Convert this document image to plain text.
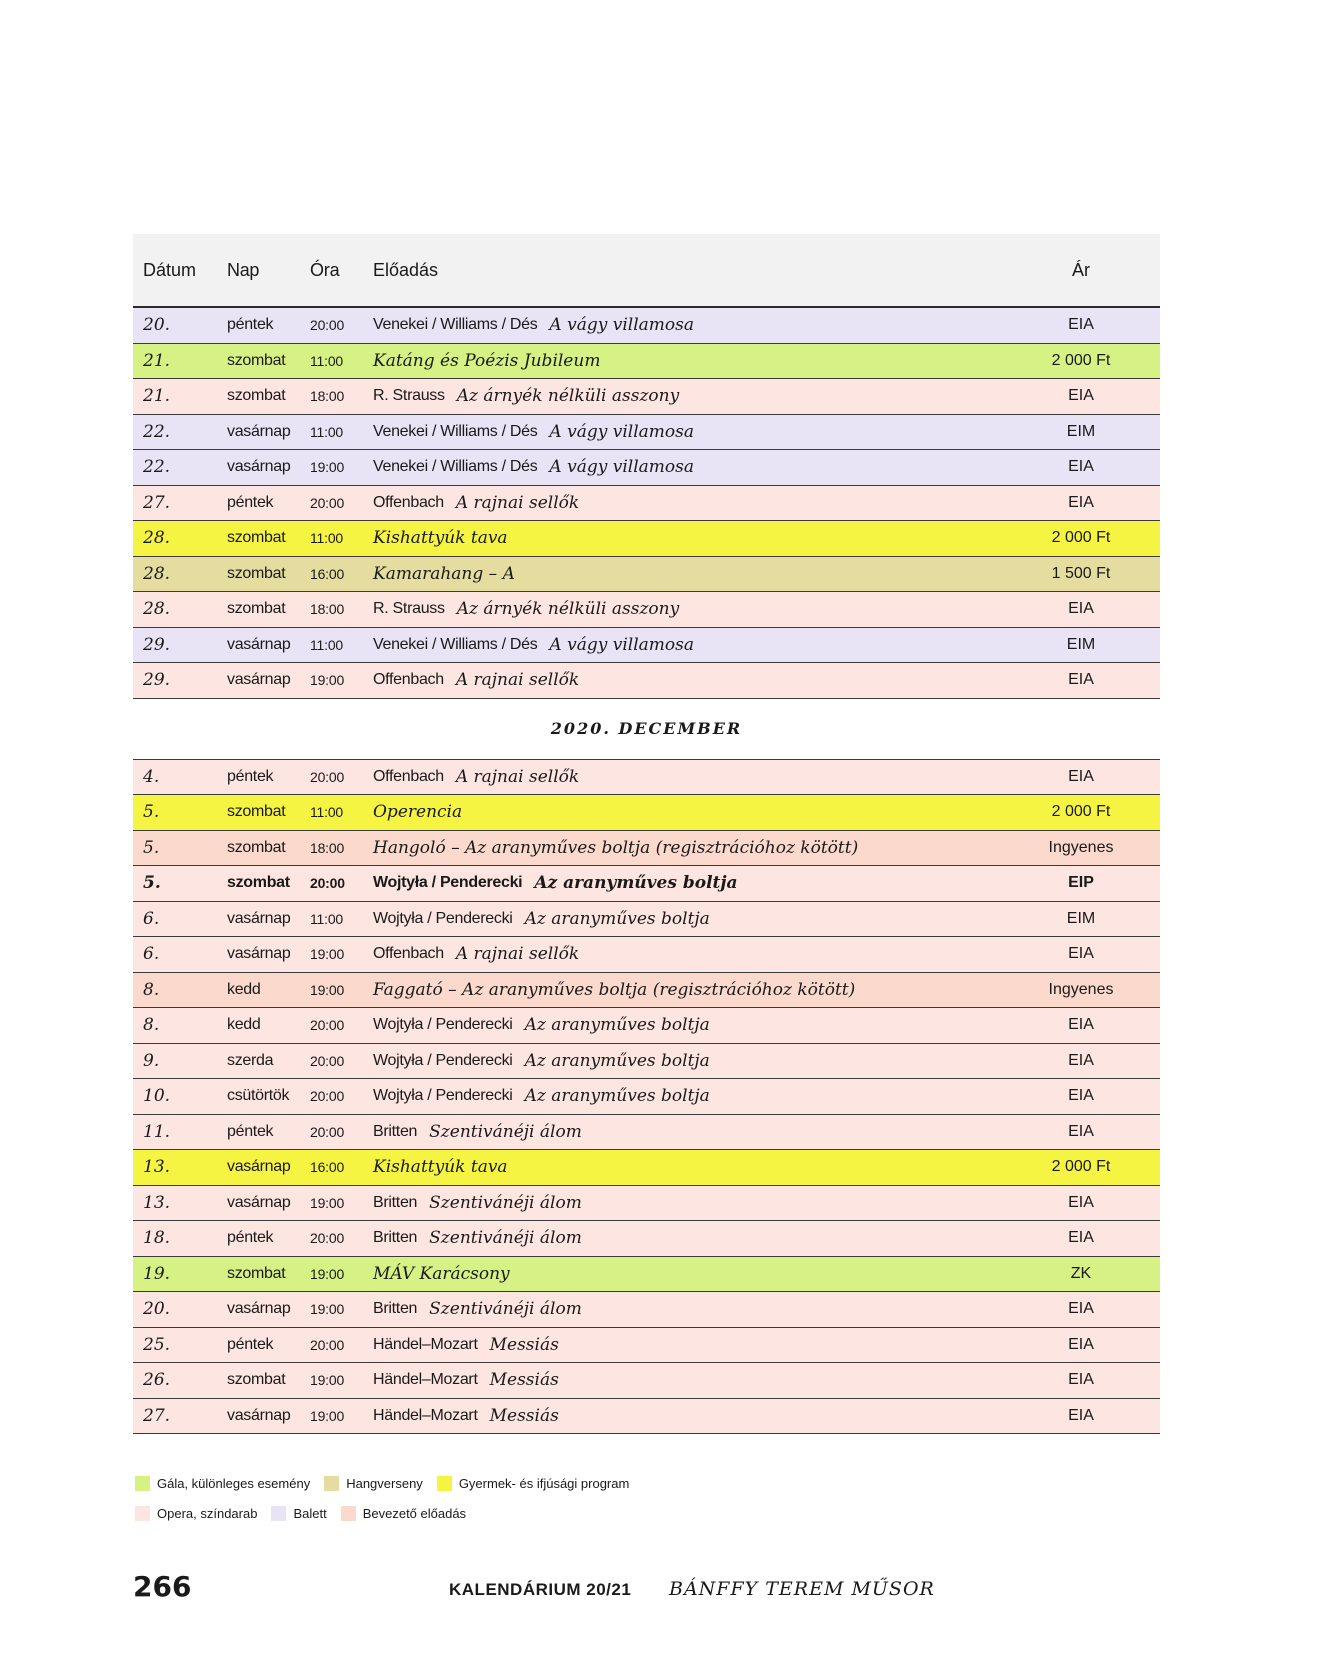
Dátum Nap	Óra Előadás	Ár
20.	péntek	20:00 Venekei / Williams / Dés A vágy villamosa	EIA
21.	szombat 11:00 Katáng és Poézis Jubileum	2 000 Ft
21.	szombat 18:00 R. Strauss Az árnyék nélküli asszony	EIA
22.	vasárnap 11:00 Venekei / Williams / Dés A vágy villamosa	EIM
22.	vasárnap 19:00 Venekei / Williams / Dés A vágy villamosa	EIA
27.	péntek	20:00 Offenbach A rajnai sellők	EIA
28.	szombat 11:00 Kishattyúk tava	2 000 Ft
28.	szombat 16:00 Kamarahang – A	1 500 Ft
28.	szombat 18:00 R. Strauss Az árnyék nélküli asszony	EIA
29.	vasárnap 11:00 Venekei / Williams / Dés A vágy villamosa	EIM
29.	vasárnap 19:00 Offenbach A rajnai sellők	EIA
2020. DECEMBER
4.	péntek	20:00 Offenbach A rajnai sellők	EIA
5.	szombat 11:00 Operencia	2 000 Ft
5.	szombat 18:00 Hangoló – Az aranyműves boltja (regisztrációhoz kötött)	Ingyenes
5.	szombat 20:00 Wojtyła / Penderecki Az aranyműves boltja	EIP
6.	vasárnap 11:00 Wojtyła / Penderecki Az aranyműves boltja	EIM
6.	vasárnap 19:00 Offenbach A rajnai sellők	EIA
8.	kedd	19:00 Faggató – Az aranyműves boltja (regisztrációhoz kötött)	Ingyenes
8.	kedd	20:00 Wojtyła / Penderecki Az aranyműves boltja	EIA
9.	szerda	20:00 Wojtyła / Penderecki Az aranyműves boltja	EIA
10.	csütörtök 20:00 Wojtyła / Penderecki Az aranyműves boltja	EIA
11.	péntek	20:00 Britten Szentivánéji álom	EIA
13.	vasárnap 16:00 Kishattyúk tava	2 000 Ft
13.	vasárnap 19:00 Britten Szentivánéji álom	EIA
18.	péntek	20:00 Britten Szentivánéji álom	EIA
19.	szombat 19:00 MÁV Karácsony	ZK
20.	vasárnap 19:00 Britten Szentivánéji álom	EIA
25.	péntek	20:00 Händel–Mozart Messiás	EIA
26.	szombat 19:00 Händel–Mozart Messiás	EIA
27.	vasárnap 19:00 Händel–Mozart Messiás	EIA
Gála, különleges esemény	Hangverseny	Gyermek- és ifjúsági program
Opera, színdarab	Balett	Bevezető előadás
266	KALENDÁRIUM 20/21 BÁNFFY TEREM MŰSOR
